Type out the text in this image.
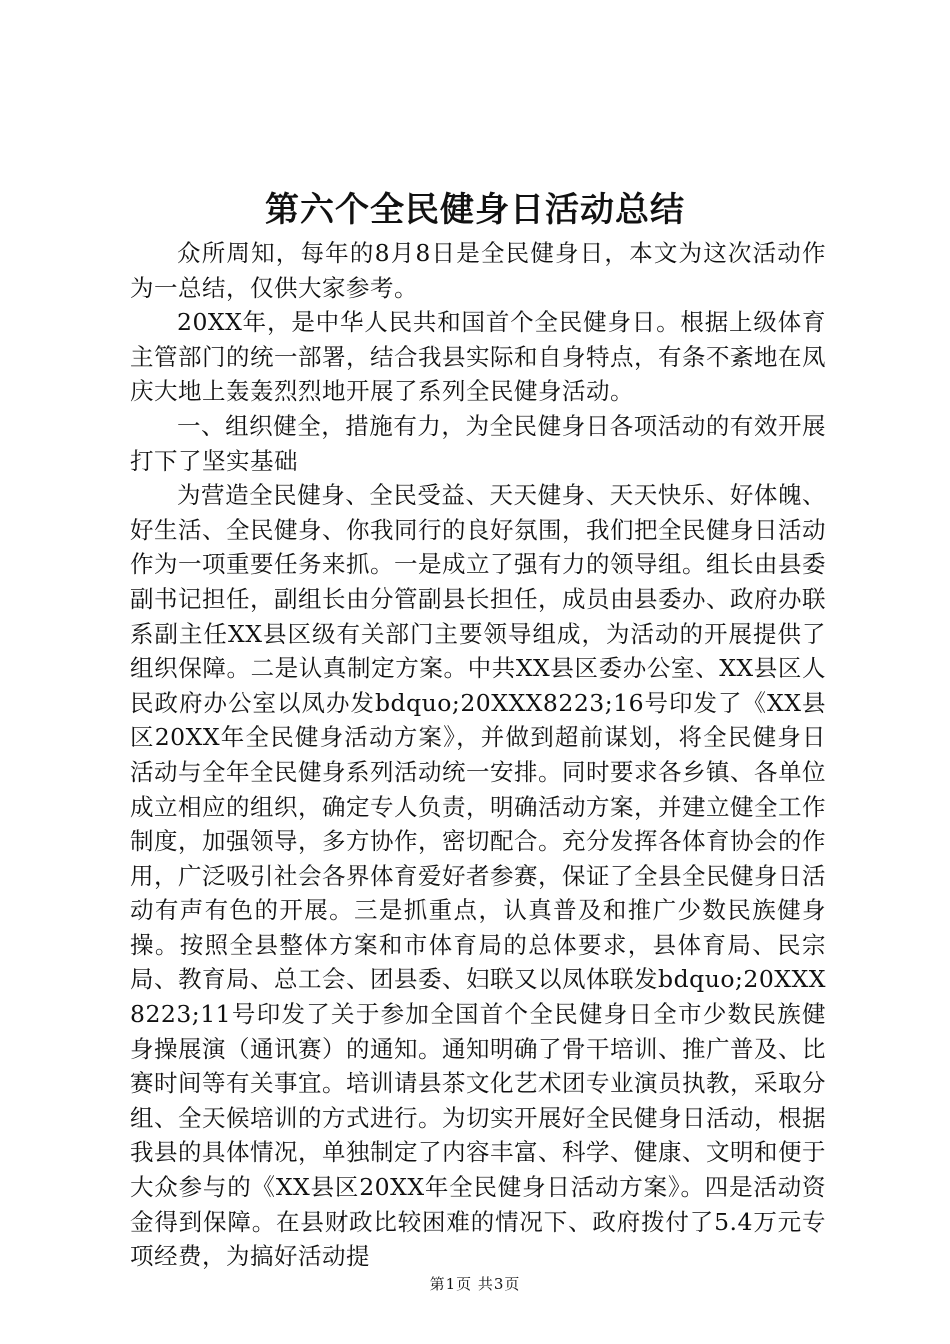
第六个全民健身日活动总结

众所周知，每年的8月8日是全民健身日，本文为这次活动作为一总结，仅供大家参考。

20XX年，是中华人民共和国首个全民健身日。根据上级体育主管部门的统一部署，结合我县实际和自身特点，有条不紊地在凤庆大地上轰轰烈烈地开展了系列全民健身活动。

一、组织健全，措施有力，为全民健身日各项活动的有效开展打下了坚实基础

为营造全民健身、全民受益、天天健身、天天快乐、好体魄、好生活、全民健身、你我同行的良好氛围，我们把全民健身日活动作为一项重要任务来抓。一是成立了强有力的领导组。组长由县委副书记担任，副组长由分管副县长担任，成员由县委办、政府办联系副主任XX县区级有关部门主要领导组成，为活动的开展提供了组织保障。二是认真制定方案。中共XX县区委办公室、XX县区人民政府办公室以凤办发bdquo;20XXX8223;16号印发了《XX县区20XX年全民健身活动方案》，并做到超前谋划，将全民健身日活动与全年全民健身系列活动统一安排。同时要求各乡镇、各单位成立相应的组织，确定专人负责，明确活动方案，并建立健全工作制度，加强领导，多方协作，密切配合。充分发挥各体育协会的作用，广泛吸引社会各界体育爱好者参赛，保证了全县全民健身日活动有声有色的开展。三是抓重点，认真普及和推广少数民族健身操。按照全县整体方案和市体育局的总体要求，县体育局、民宗局、教育局、总工会、团县委、妇联又以凤体联发bdquo;20XXX8223;11号印发了关于参加全国首个全民健身日全市少数民族健身操展演（通讯赛）的通知。通知明确了骨干培训、推广普及、比赛时间等有关事宜。培训请县茶文化艺术团专业演员执教，采取分组、全天候培训的方式进行。为切实开展好全民健身日活动，根据我县的具体情况，单独制定了内容丰富、科学、健康、文明和便于大众参与的《XX县区20XX年全民健身日活动方案》。四是活动资金得到保障。在县财政比较困难的情况下、政府拨付了5.4万元专项经费，为搞好活动提

第1页 共3页
